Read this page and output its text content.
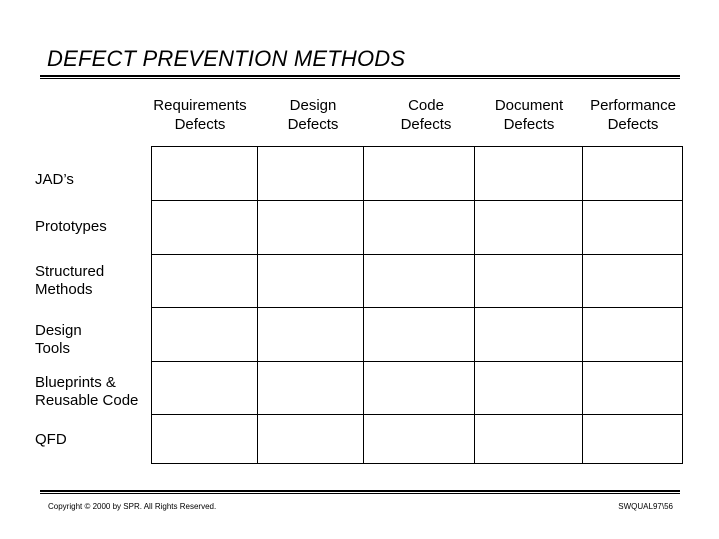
DEFECT PREVENTION METHODS
Requirements
Defects
Design
Defects
Code
Defects
Document
Defects
Performance
Defects
JAD’s
Prototypes
Structured
Methods
Design
Tools
Blueprints &
Reusable Code
QFD
Copyright © 2000 by SPR. All Rights Reserved.	SWQUAL97\56
